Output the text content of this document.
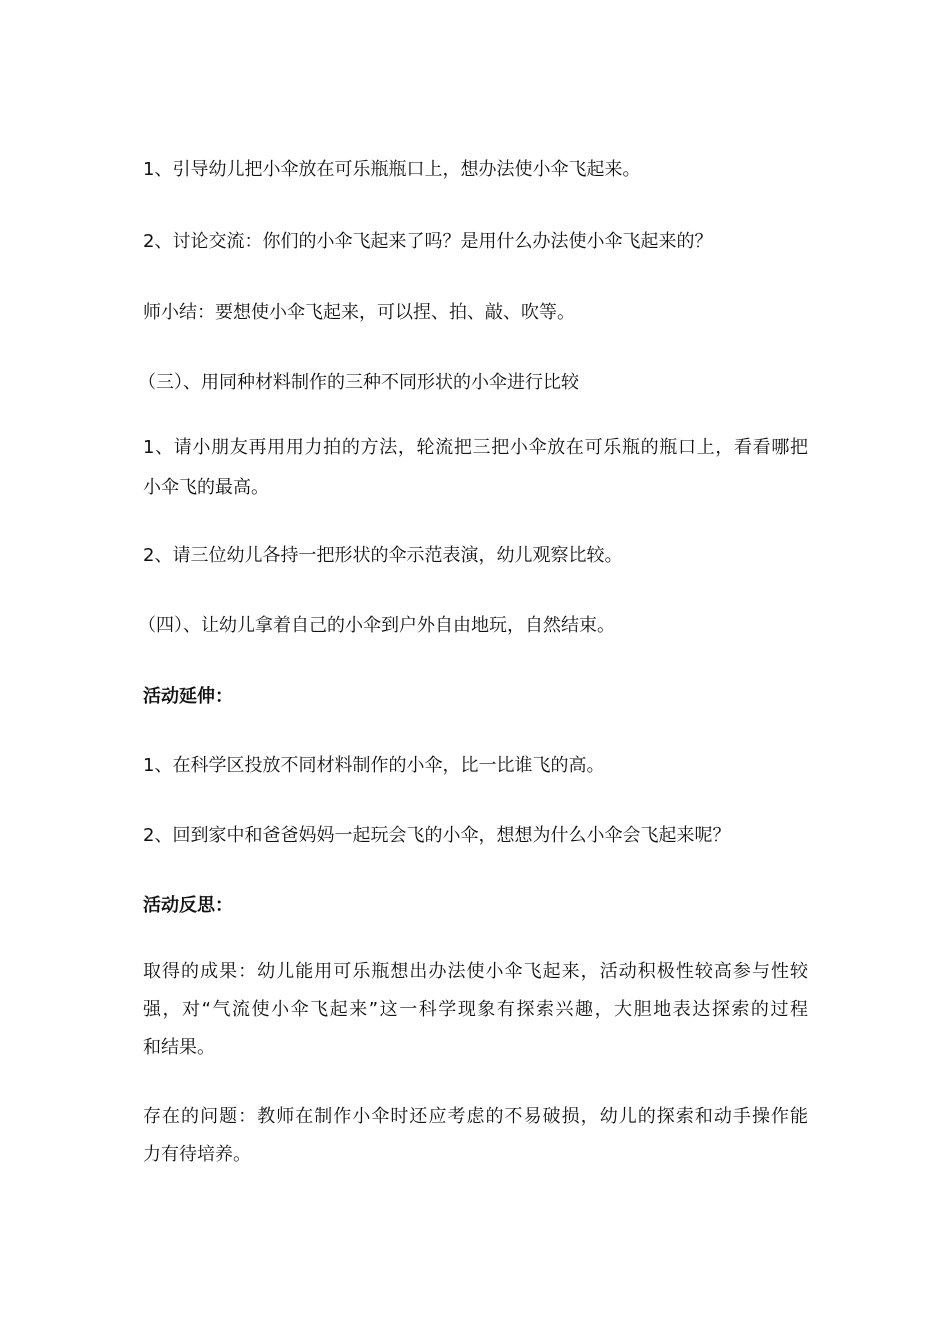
1、引导幼儿把小伞放在可乐瓶瓶口上，想办法使小伞飞起来。
2、讨论交流：你们的小伞飞起来了吗？是用什么办法使小伞飞起来的？
师小结：要想使小伞飞起来，可以捏、拍、敲、吹等。
（三）、用同种材料制作的三种不同形状的小伞进行比较
1、请小朋友再用用力拍的方法，轮流把三把小伞放在可乐瓶的瓶口上，看看哪把
小伞飞的最高。
2、请三位幼儿各持一把形状的伞示范表演，幼儿观察比较。
（四）、让幼儿拿着自己的小伞到户外自由地玩，自然结束。
活动延伸：
1、在科学区投放不同材料制作的小伞，比一比谁飞的高。
2、回到家中和爸爸妈妈一起玩会飞的小伞，想想为什么小伞会飞起来呢？
活动反思：
取得的成果：幼儿能用可乐瓶想出办法使小伞飞起来，活动积极性较高参与性较
强，对“气流使小伞飞起来”这一科学现象有探索兴趣，大胆地表达探索的过程
和结果。
存在的问题：教师在制作小伞时还应考虑的不易破损，幼儿的探索和动手操作能
力有待培养。
